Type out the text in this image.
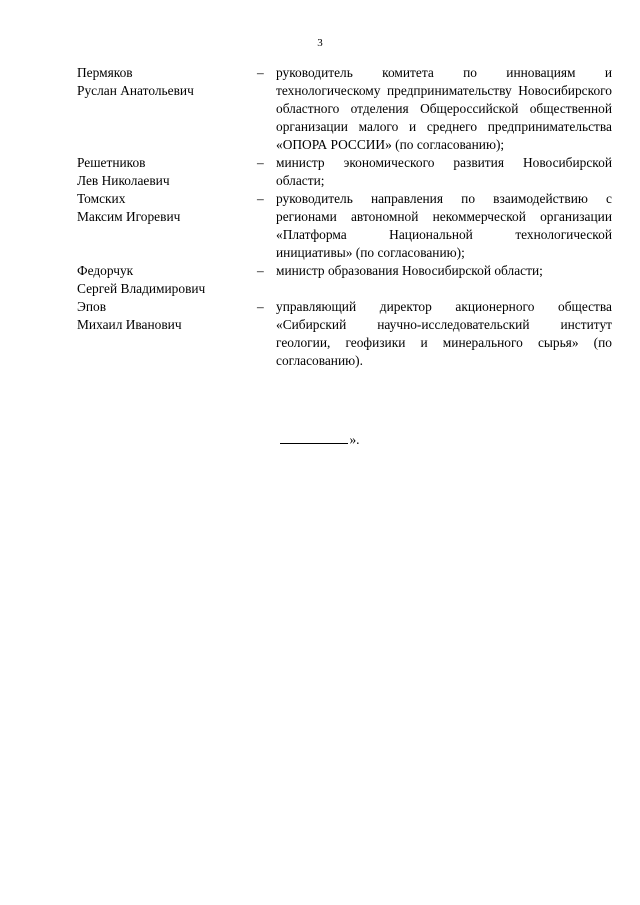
3
Пермяков
Руслан Анатольевич
– руководитель комитета по инновациям и технологическому предпринимательству Новосибирского областного отделения Общероссийской общественной организации малого и среднего предпринимательства «ОПОРА РОССИИ» (по согласованию);
Решетников
Лев Николаевич
– министр экономического развития Новосибирской области;
Томских
Максим Игоревич
– руководитель направления по взаимодействию с регионами автономной некоммерческой организации «Платформа Национальной технологической инициативы» (по согласованию);
Федорчук
Сергей Владимирович
– министр образования Новосибирской области;
Эпов
Михаил Иванович
– управляющий директор акционерного общества «Сибирский научно-исследовательский институт геологии, геофизики и минерального сырья» (по согласованию).
».
